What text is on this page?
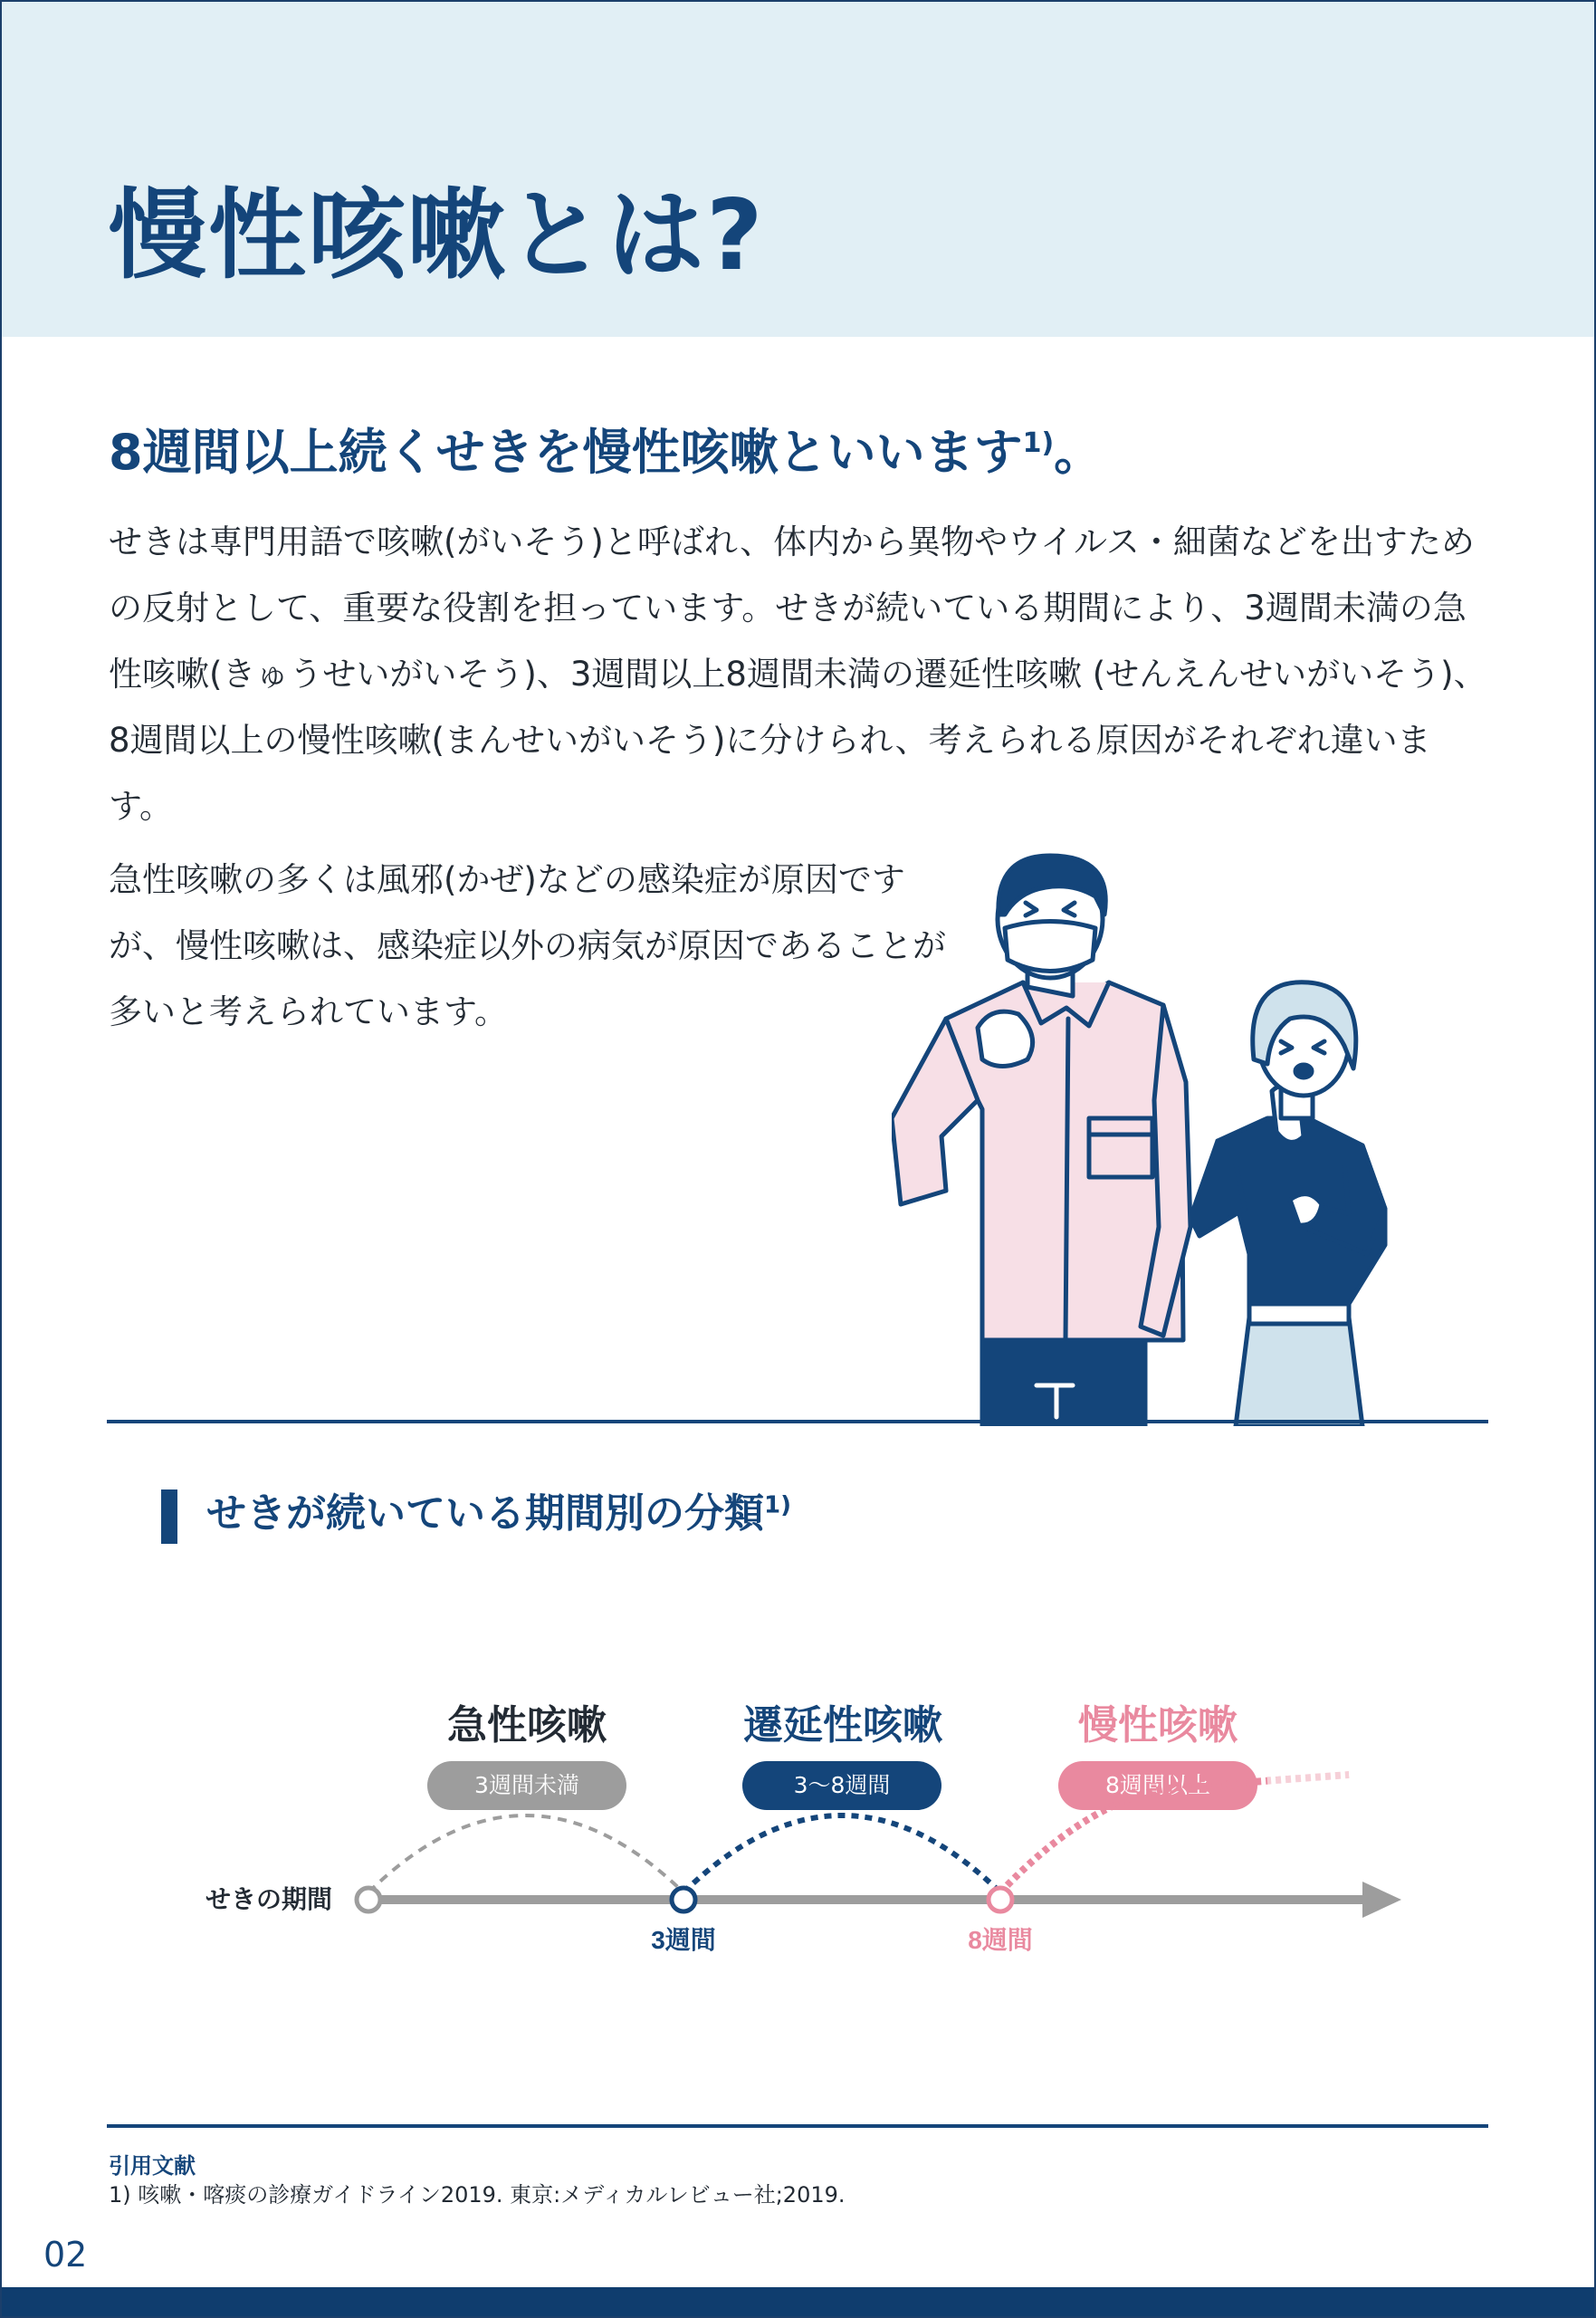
慢性咳嗽とは?
8週間以上続くせきを慢性咳嗽といいます$^{1)}$。

せきは専門用語で咳嗽(がいそう)と呼ばれ、体内から異物やウイルス・細菌などを出すための反射として、重要な役割を担っています。せきが続いている期間により、3週間未満の急性咳嗽(きゅうせいがいそう)、3週間以上8週間未満の遷延性咳嗽 (せんえんせいがいそう)、8週間以上の慢性咳嗽(まんせいがいそう)に分けられ、考えられる原因がそれぞれ違います。

急性咳嗽の多くは風邪(かぜ)などの感染症が原因ですが、慢性咳嗽は、感染症以外の病気が原因であることが多いと考えられています。

せきが続いている期間別の分類$^{1)}$
急性咳嗽	遷延性咳嗽	慢性咳嗽
3週間未満	3～8週間	8週間以上
せきの期間
3週間	8週間
引用文献
1) 咳嗽・喀痰の診療ガイドライン2019. 東京:メディカルレビュー社;2019.
02
